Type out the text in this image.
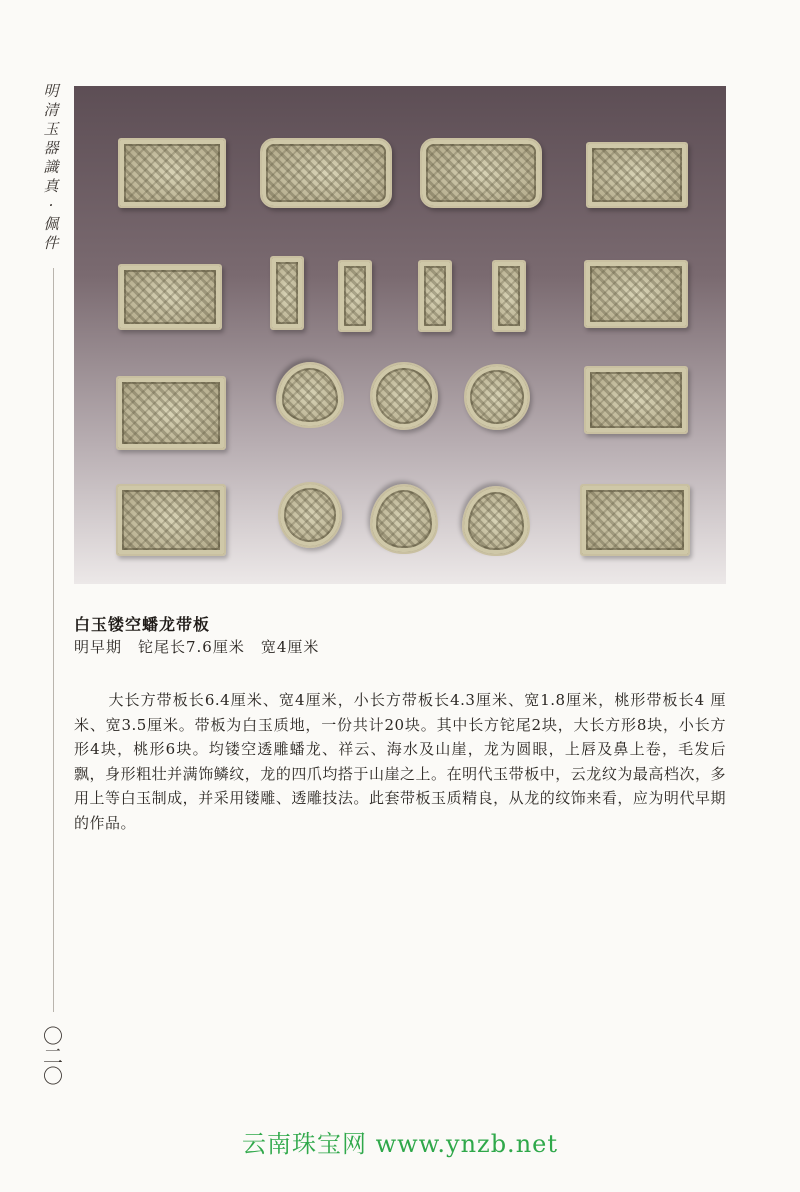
明
清
玉
器
識
真
·
佩
件
〇
二
〇
白玉镂空蟠龙带板
明早期　铊尾长7.6厘米　宽4厘米

大长方带板长6.4厘米、宽4厘米，小长方带板长4.3厘米、宽1.8厘米，桃形带板长4 厘米、宽3.5厘米。带板为白玉质地，一份共计20块。其中长方铊尾2块，大长方形8块，小长方形4块，桃形6块。均镂空透雕蟠龙、祥云、海水及山崖，龙为圆眼，上唇及鼻上卷，毛发后飘，身形粗壮并满饰鳞纹，龙的四爪均搭于山崖之上。在明代玉带板中，云龙纹为最高档次，多用上等白玉制成，并采用镂雕、透雕技法。此套带板玉质精良，从龙的纹饰来看，应为明代早期的作品。

云南珠宝网 www.ynzb.net
